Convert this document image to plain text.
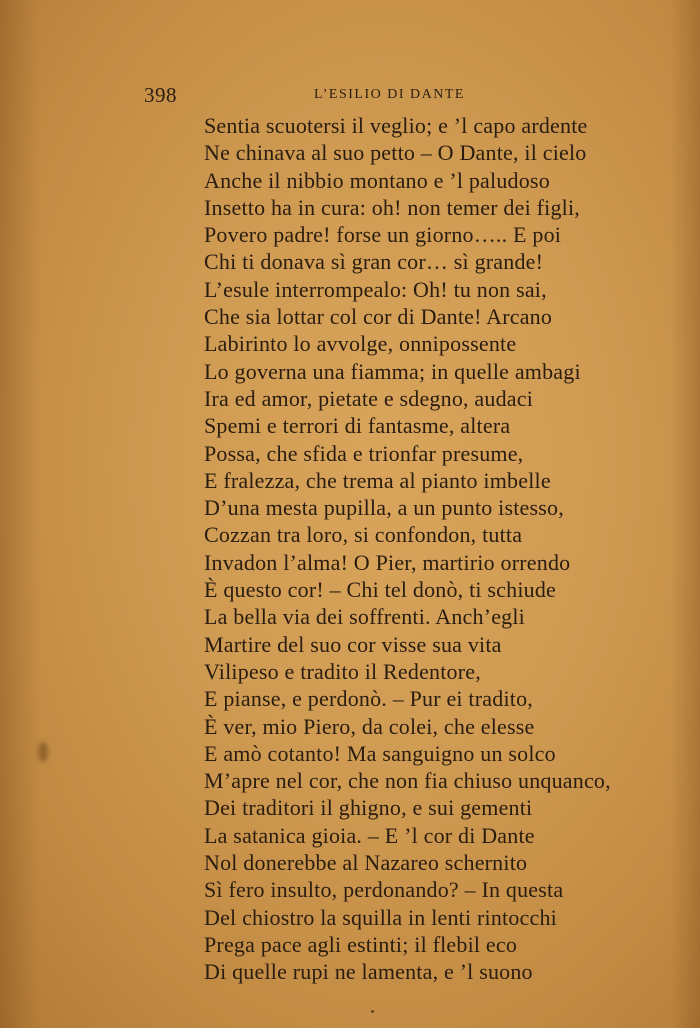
398	L’ESILIO DI DANTE
Sentia scuotersi il veglio; e ’l capo ardente
Ne chinava al suo petto – O Dante, il cielo
Anche il nibbio montano e ’l paludoso
Insetto ha in cura: oh! non temer dei figli,
Povero padre! forse un giorno….. E poi
Chi ti donava sì gran cor… sì grande!
L’esule interrompealo: Oh! tu non sai,
Che sia lottar col cor di Dante! Arcano
Labirinto lo avvolge, onnipossente
Lo governa una fiamma; in quelle ambagi
Ira ed amor, pietate e sdegno, audaci
Spemi e terrori di fantasme, altera
Possa, che sfida e trionfar presume,
E fralezza, che trema al pianto imbelle
D’una mesta pupilla, a un punto istesso,
Cozzan tra loro, si confondon, tutta
Invadon l’alma! O Pier, martirio orrendo
È questo cor! – Chi tel donò, ti schiude
La bella via dei soffrenti. Anch’egli
Martire del suo cor visse sua vita
Vilipeso e tradito il Redentore,
E pianse, e perdonò. – Pur ei tradito,
È ver, mio Piero, da colei, che elesse
E amò cotanto! Ma sanguigno un solco
M’apre nel cor, che non fia chiuso unquanco,
Dei traditori il ghigno, e sui gementi
La satanica gioia. – E ’l cor di Dante
Nol donerebbe al Nazareo schernito
Sì fero insulto, perdonando? – In questa
Del chiostro la squilla in lenti rintocchi
Prega pace agli estinti; il flebil eco
Di quelle rupi ne lamenta, e ’l suono
